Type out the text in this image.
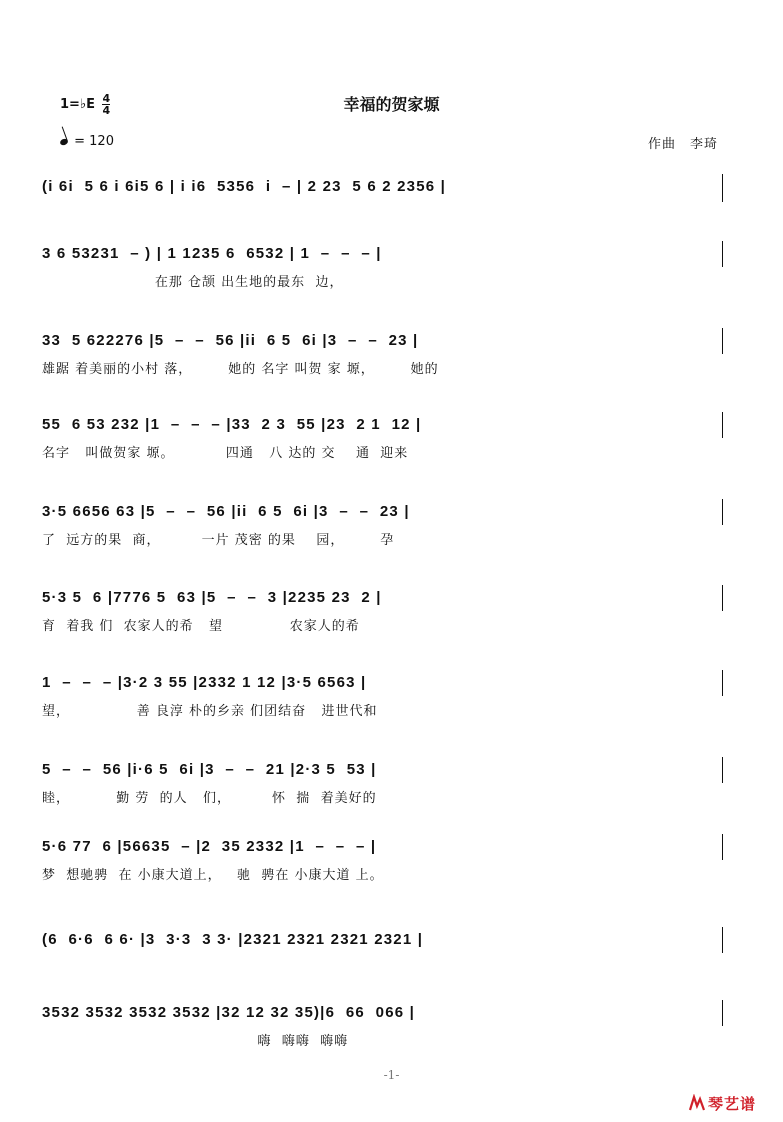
1=♭E $\frac{4}{4}$
= 120
幸福的贺家塬
作曲　李琦
(i 6i  5 6 i 6i5 6 | i i6  5356  i  – | 2 23  5 6 2 2356 |
3 6 53231  – ) | 1 1235 6  6532 | 1  –  –  – |
在那 仓颉 出生地的最东  边，
33  5 622276 |5  –  –  56 |ii  6 5  6i |3  –  –  23 |
雄踞 着美丽的小村 落，       她的 名字 叫贺 家 塬，       她的
55  6 53 232 |1  –  –  – |33  2 3  55 |23  2 1  12 |
名字   叫做贺家 塬。          四通   八 达的 交    通  迎来
3·5 6656 63 |5  –  –  56 |ii  6 5  6i |3  –  –  23 |
了  远方的果  商，        一片 茂密 的果    园，       孕
5·3 5  6 |7776 5  63 |5  –  –  3 |2235 23  2 |
育  着我 们  农家人的希   望             农家人的希
1  –  –  – |3·2 3 55 |2332 1 12 |3·5 6563 |
望，             善 良淳 朴的乡亲 们团结奋   进世代和
5  –  –  56 |i·6 5  6i |3  –  –  21 |2·3 5  53 |
睦，         勤 劳  的人   们，        怀  揣  着美好的
5·6 77  6 |56635  – |2  35 2332 |1  –  –  – |
梦  想驰骋  在 小康大道上，   驰  骋在 小康大道 上。
(6  6·6  6 6· |3  3·3  3 3· |2321 2321 2321 2321 |
3532 3532 3532 3532 |32 12 32 35)|6  66  066 |
嗨  嗨嗨  嗨嗨
-1-
琴艺谱
